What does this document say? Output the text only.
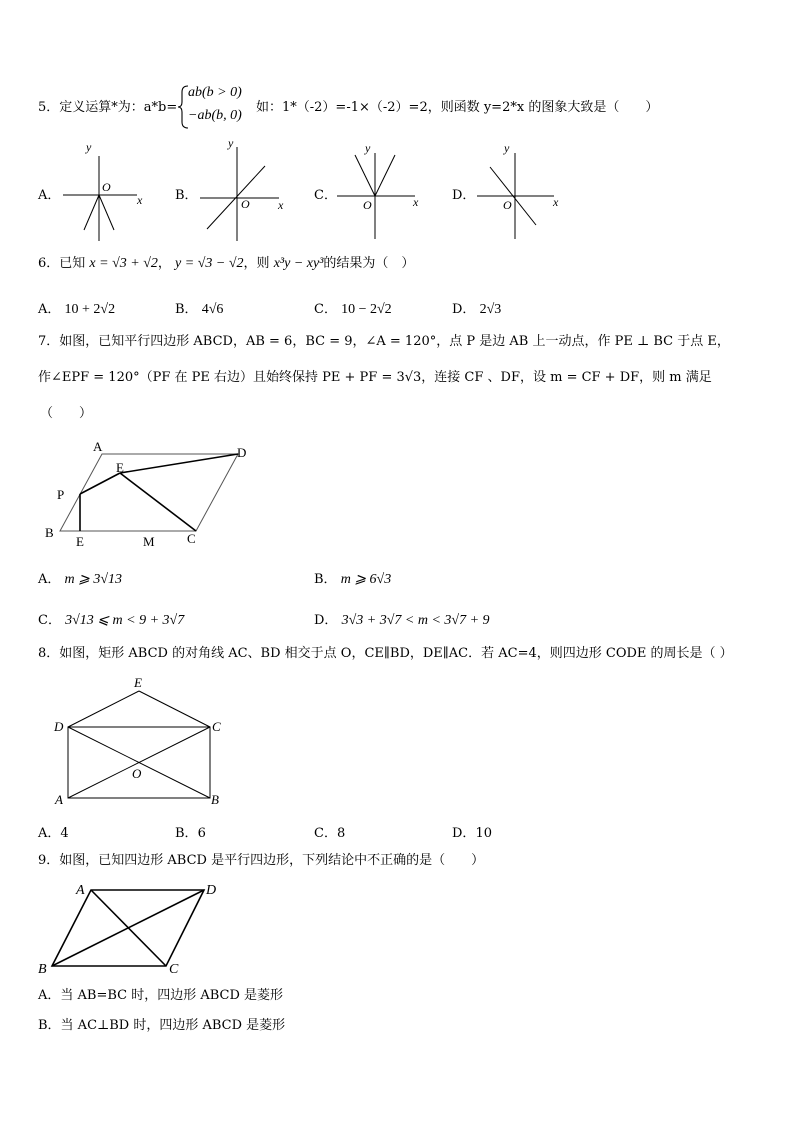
5．定义运算*为：a*b=
ab(b > 0)
−ab(b, 0)
如：1*（-2）=-1×（-2）=2，则函数 y=2*x 的图象大致是（　　）
A．	B．	C．	D．
y
x
O
y
x
O
y
x
O
y
x
O
6．已知 x = √3 + √2， y = √3 − √2，则 x³y − xy³的结果为（　）
A． 10 + 2√2	B． 4√6	C． 10 − 2√2	D． 2√3
7．如图，已知平行四边形 ABCD，AB = 6，BC = 9，∠A = 120°，点 P 是边 AB 上一动点，作 PE ⊥ BC 于点 E，
作∠EPF = 120°（PF 在 PE 右边）且始终保持 PE + PF = 3√3，连接 CF 、DF，设 m = CF + DF，则 m 满足
（　　）
A	D
E
P
B
E	M C
A． m ⩾ 3√13	B． m ⩾ 6√3
C． 3√13 ⩽ m < 9 + 3√7	D． 3√3 + 3√7 < m < 3√7 + 9
8．如图，矩形 ABCD 的对角线 AC、BD 相交于点 O，CE∥BD，DE∥AC．若 AC=4，则四边形 CODE 的周长是（ ）
E
D	C
O
A	B
A．4	B．6	C．8	D．10
9．如图，已知四边形 ABCD 是平行四边形，下列结论中不正确的是（　　）
A	D
B	C
A．当 AB=BC 时，四边形 ABCD 是菱形
B．当 AC⊥BD 时，四边形 ABCD 是菱形
